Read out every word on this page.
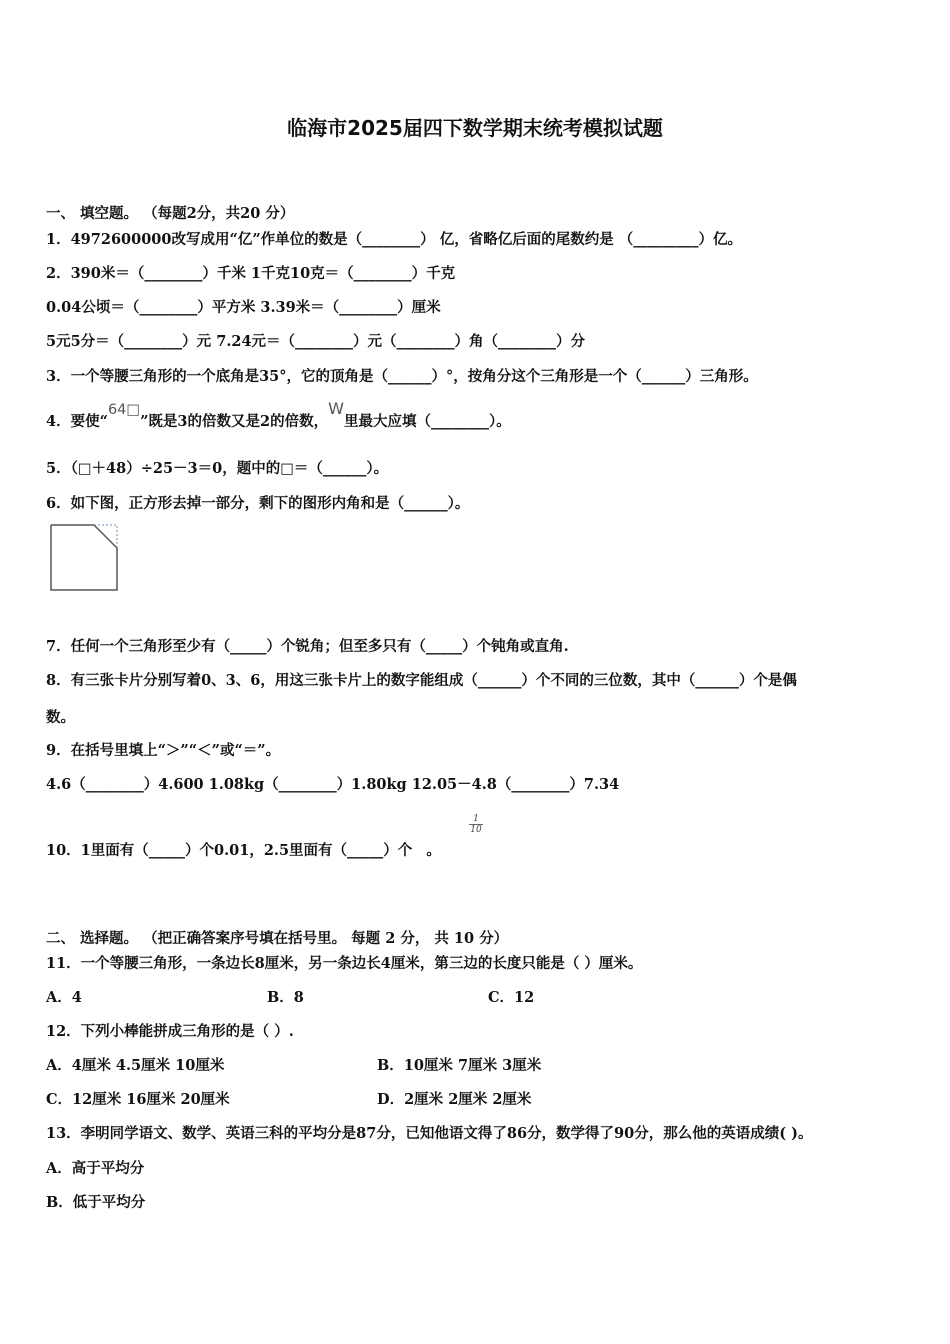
临海市2025届四下数学期末统考模拟试题
一、 填空题。 （每题2分，共20 分）
1．4972600000改写成用“亿”作单位的数是（________） 亿，省略亿后面的尾数约是 （_________）亿。
2．390米＝（________）千米 1千克10克＝（________）千克
0.04公顷＝（________）平方米 3.39米＝（________）厘米
5元5分＝（________）元 7.24元＝（________）元（________）角（________）分
3．一个等腰三角形的一个底角是35°，它的顶角是（______）°，按角分这个三角形是一个（______）三角形。
4．要使“64□”既是3的倍数又是2的倍数，W里最大应填（________）。
5．（□＋48）÷25－3＝0，题中的□＝（______）。
6．如下图，正方形去掉一部分，剩下的图形内角和是（______）。
7．任何一个三角形至少有（_____）个锐角；但至多只有（_____）个钝角或直角.
8．有三张卡片分别写着0、3、6，用这三张卡片上的数字能组成（______）个不同的三位数，其中（______）个是偶
数。
9．在括号里填上“＞”“＜”或“＝”。
4.6（________）4.600 1.08kg（________）1.80kg 12.05－4.8（________）7.34
10．1里面有（_____）个0.01，2.5里面有（_____）个 。
$\frac{1}{10}$
二、 选择题。 （把正确答案序号填在括号里。 每题 2 分， 共 10 分）
11．一个等腰三角形，一条边长8厘米，另一条边长4厘米，第三边的长度只能是（ ）厘米。
A．4	B．8	C．12
12．下列小棒能拼成三角形的是（ ）.
A．4厘米 4.5厘米 10厘米	B．10厘米 7厘米 3厘米
C．12厘米 16厘米 20厘米	D．2厘米 2厘米 2厘米
13．李明同学语文、数学、英语三科的平均分是87分，已知他语文得了86分，数学得了90分，那么他的英语成绩( )。
A．高于平均分
B．低于平均分
